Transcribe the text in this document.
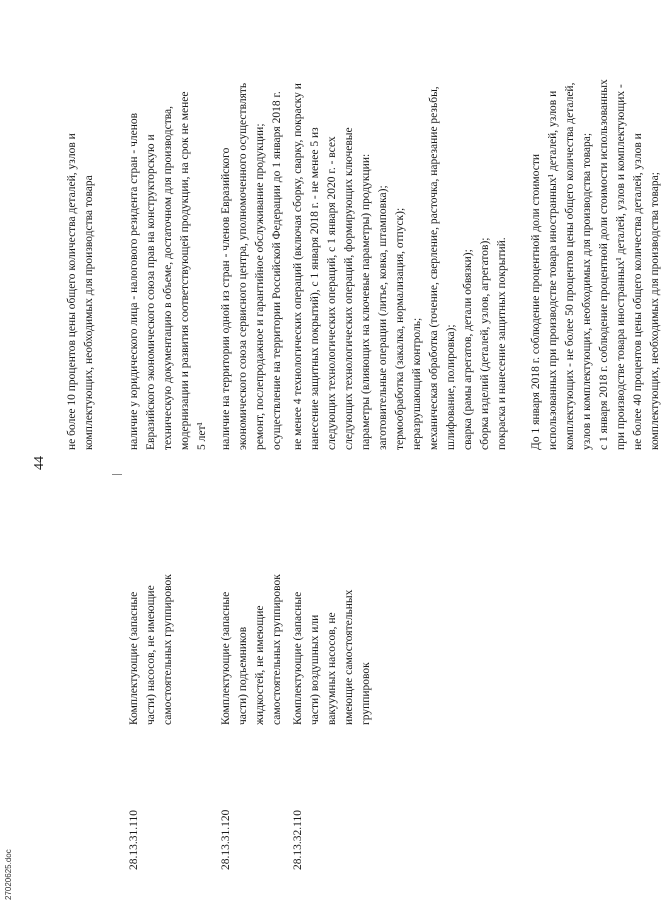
44
не более 10 процентов цены общего количества деталей, узлов и комплектующих, необходимых для производства товара
28.13.31.110
Комплектующие (запасные части) насосов, не имеющие самостоятельных группировок
наличие у юридического лица - налогового резидента стран - членов Евразийского экономического союза прав на конструкторскую и техническую документацию в объеме, достаточном для производства, модернизации и развития соответствующей продукции, на срок не менее 5 лет¹
28.13.31.120
Комплектующие (запасные части) подъемников жидкостей, не имеющие самостоятельных группировок
наличие на территории одной из стран - членов Евразийского экономического союза сервисного центра, уполномоченного осуществлять ремонт, послепродажное и гарантийное обслуживание продукции; осуществление на территории Российской Федерации до 1 января 2018 г.
28.13.32.110
Комплектующие (запасные части) воздушных или вакуумных насосов, не имеющие самостоятельных группировок
не менее 4 технологических операций (включая сборку, сварку, покраску и нанесение защитных покрытий), с 1 января 2018 г. - не менее 5 из следующих технологических операций, с 1 января 2020 г. - всех следующих технологических операций, формирующих ключевые параметры (влияющих на ключевые параметры) продукции: заготовительные операции (литье, ковка, штамповка); термообработка (закалка, нормализация, отпуск); неразрушающий контроль; механическая обработка (точение, сверление, расточка, нарезание резьбы, шлифование, полировка); сварка (рамы агрегатов, детали обвязки); сборка изделий (деталей, узлов, агрегатов); покраска и нанесение защитных покрытий.
До 1 января 2018 г. соблюдение процентной доли стоимости использованных при производстве товара иностранных¹ деталей, узлов и комплектующих - не более 50 процентов цены общего количества деталей, узлов и комплектующих, необходимых для производства товара; с 1 января 2018 г. соблюдение процентной доли стоимости использованных при производстве товара иностранных¹ деталей, узлов и комплектующих - не более 40 процентов цены общего количества деталей, узлов и комплектующих, необходимых для производства товара;
27020625.doc
